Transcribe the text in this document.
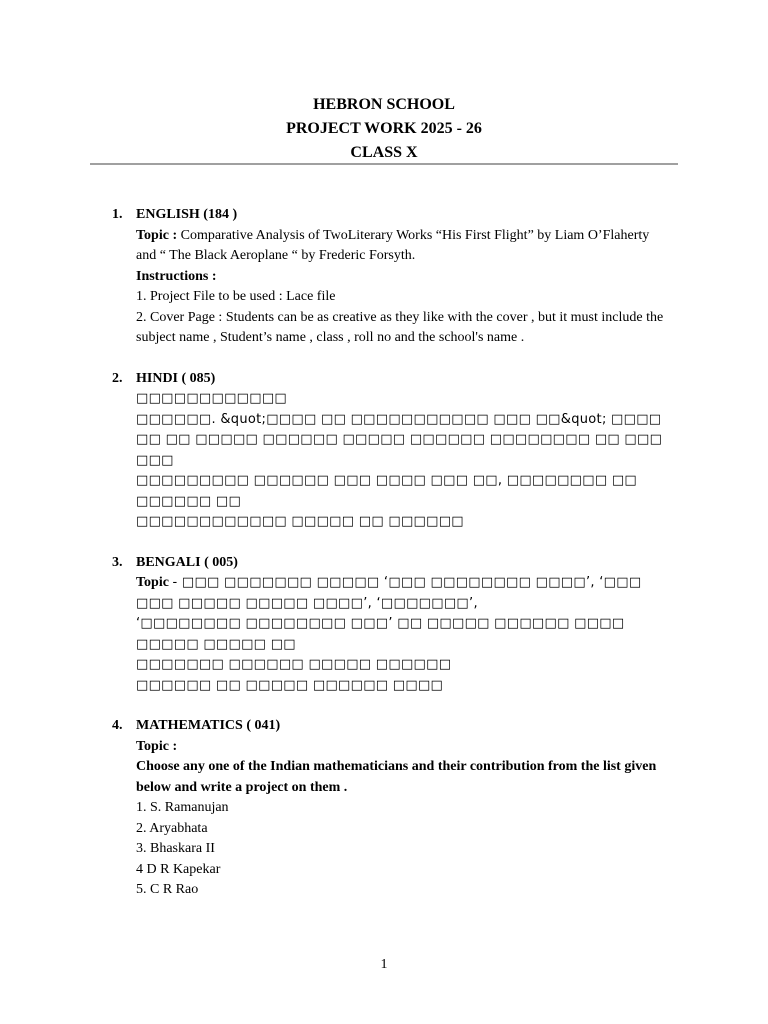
HEBRON SCHOOL
PROJECT WORK 2025 - 26
CLASS X
1. ENGLISH (184 )
Topic : Comparative Analysis of TwoLiterary Works “His First Flight” by Liam O’Flaherty and “ The Black Aeroplane “ by Frederic Forsyth.
Instructions :
1. Project File to be used : Lace file
2. Cover Page : Students can be as creative as they like with the cover , but it must include the subject name , Student’s name , class , roll no and the school's name .
2. HINDI ( 085)
□□□□□□□□□□□□
□□□□□□. &quot;□□□□ □□ □□□□□□□□□□□ □□□ □□&quot; □□□□ □□ □□ □□□□□ □□□□□□ □□□□□ □□□□□□ □□□□□□□□ □□ □□□ □□□
□□□□□□□□□ □□□□□□ □□□ □□□□ □□□ □□, □□□□□□□□ □□ □□□□□□ □□
□□□□□□□□□□□□ □□□□□ □□ □□□□□□
3. BENGALI ( 005)
Topic - □□□ □□□□□□□ □□□□□ ‘□□□ □□□□□□□□ □□□□’, ‘□□□ □□□ □□□□□ □□□□□ □□□□’, ‘□□□□□□□’,
‘□□□□□□□□ □□□□□□□□ □□□’ □□ □□□□□ □□□□□□ □□□□ □□□□□ □□□□□ □□
□□□□□□□ □□□□□□ □□□□□ □□□□□□
□□□□□□ □□ □□□□□ □□□□□□ □□□□
4. MATHEMATICS ( 041)
Topic :
Choose any one of the Indian mathematicians and their contribution from the list given below and write a project on them .
1. S. Ramanujan
2. Aryabhata
3. Bhaskara II
4 D R Kapekar
5. C R Rao
1
